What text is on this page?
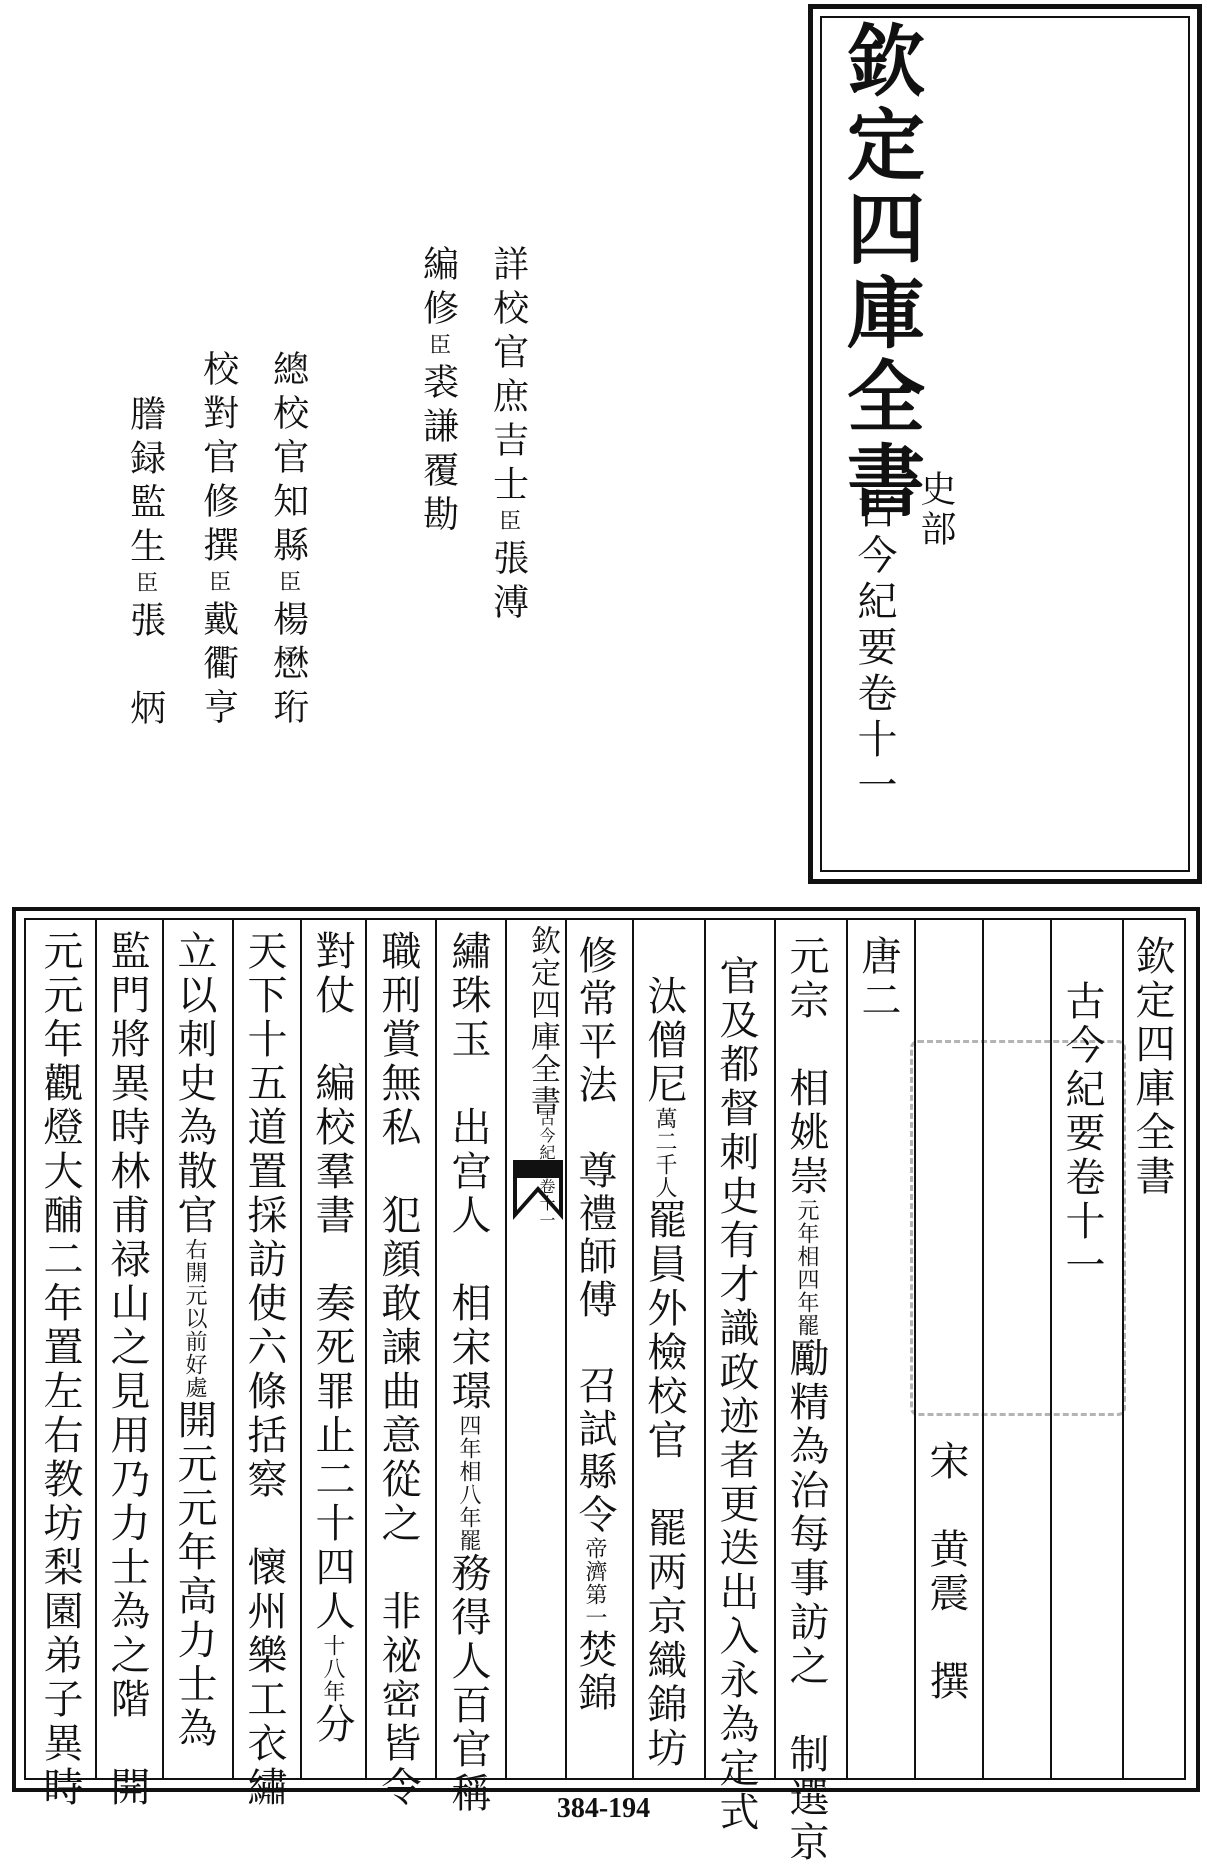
欽定四庫全書
史部
古今紀要卷十一
詳校官庶吉士臣張溥
編修臣裘謙覆勘
總校官知縣臣楊懋珩
校對官修撰臣戴衢亨
謄録監生臣張　炳
欽定四庫全書
古今紀要卷十一
宋　黄震　撰
唐二
元宗　相姚崇元年相四年罷勵精為治每事訪之　制選京
官及都督刺史有才識政迹者更迭出入永為定式
汰僧尼萬二千人罷員外檢校官　罷两京織錦坊
修常平法　尊禮師傅　召試縣令帝濟第一焚錦
欽定四庫全書
古今紀要卷十一
繡珠玉　出宫人　相宋璟四年相八年罷務得人百官稱
職刑賞無私　犯顔敢諫曲意從之　非祕密皆令
對仗　編校羣書　奏死罪止二十四人十八年分
天下十五道置採訪使六條括察　懷州樂工衣繡
立以刺史為散官右開元以前好處開元元年高力士為
監門將異時林甫禄山之見用乃力士為之階　開
元元年觀燈大酺二年置左右教坊梨園弟子異時	384-194
